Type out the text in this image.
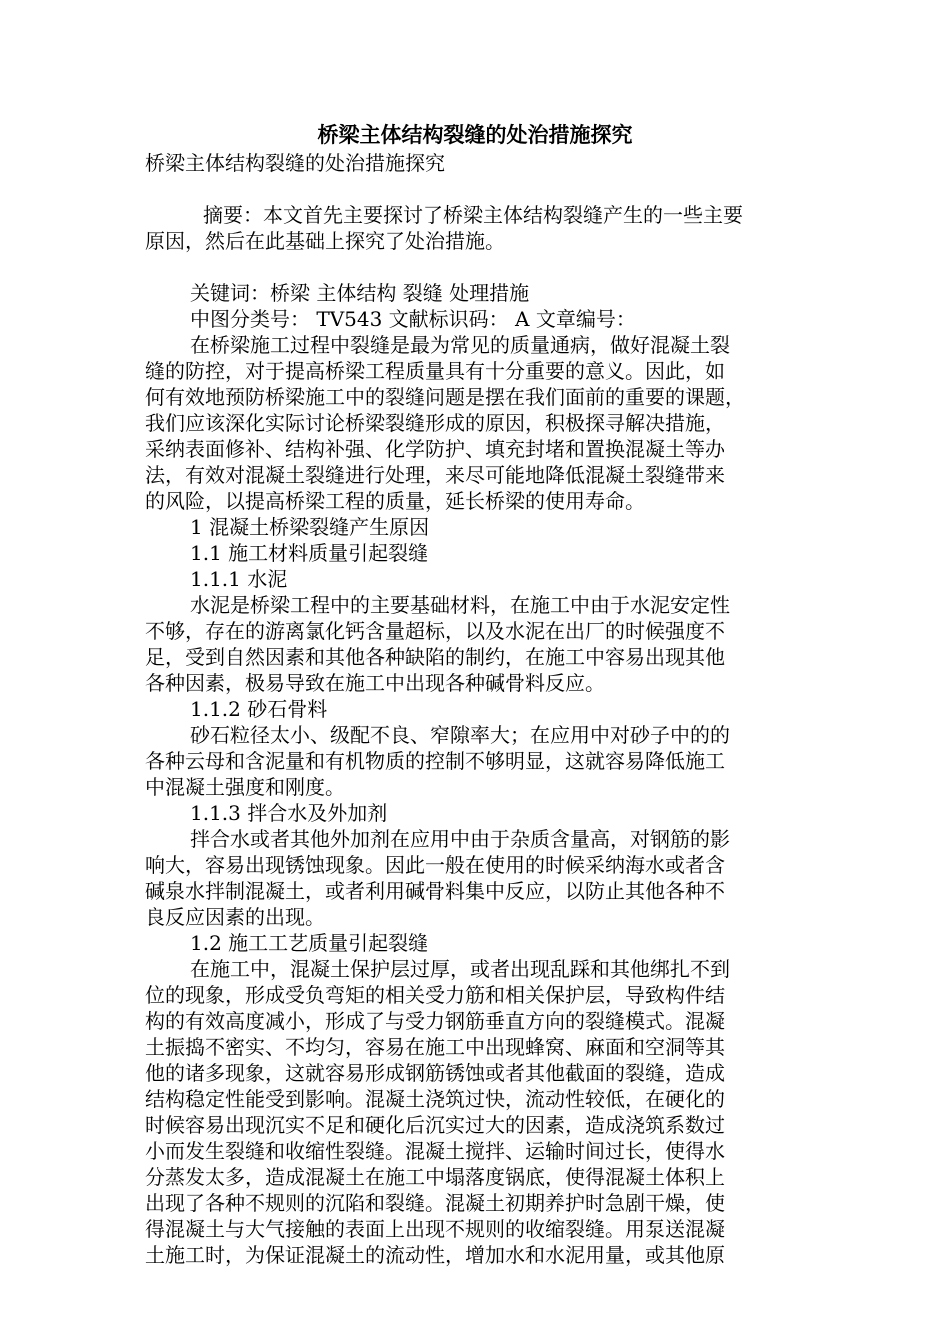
桥梁主体结构裂缝的处治措施探究
桥梁主体结构裂缝的处治措施探究
摘要：本文首先主要探讨了桥梁主体结构裂缝产生的一些主要
原因，然后在此基础上探究了处治措施。
关键词：桥梁 主体结构 裂缝 处理措施
中图分类号： TV543 文献标识码： A 文章编号：
在桥梁施工过程中裂缝是最为常见的质量通病，做好混凝土裂
缝的防控，对于提高桥梁工程质量具有十分重要的意义。因此，如
何有效地预防桥梁施工中的裂缝问题是摆在我们面前的重要的课题，
我们应该深化实际讨论桥梁裂缝形成的原因，积极探寻解决措施，
采纳表面修补、结构补强、化学防护、填充封堵和置换混凝土等办
法，有效对混凝土裂缝进行处理，来尽可能地降低混凝土裂缝带来
的风险，以提高桥梁工程的质量，延长桥梁的使用寿命。
1 混凝土桥梁裂缝产生原因
1.1 施工材料质量引起裂缝
1.1.1 水泥
水泥是桥梁工程中的主要基础材料，在施工中由于水泥安定性
不够，存在的游离氯化钙含量超标，以及水泥在出厂的时候强度不
足，受到自然因素和其他各种缺陷的制约，在施工中容易出现其他
各种因素，极易导致在施工中出现各种碱骨料反应。
1.1.2 砂石骨料
砂石粒径太小、级配不良、窄隙率大；在应用中对砂子中的的
各种云母和含泥量和有机物质的控制不够明显，这就容易降低施工
中混凝土强度和刚度。
1.1.3 拌合水及外加剂
拌合水或者其他外加剂在应用中由于杂质含量高，对钢筋的影
响大，容易出现锈蚀现象。因此一般在使用的时候采纳海水或者含
碱泉水拌制混凝土，或者利用碱骨料集中反应，以防止其他各种不
良反应因素的出现。
1.2 施工工艺质量引起裂缝
在施工中，混凝土保护层过厚，或者出现乱踩和其他绑扎不到
位的现象，形成受负弯矩的相关受力筋和相关保护层，导致构件结
构的有效高度减小，形成了与受力钢筋垂直方向的裂缝模式。混凝
土振捣不密实、不均匀，容易在施工中出现蜂窝、麻面和空洞等其
他的诸多现象，这就容易形成钢筋锈蚀或者其他截面的裂缝，造成
结构稳定性能受到影响。混凝土浇筑过快，流动性较低，在硬化的
时候容易出现沉实不足和硬化后沉实过大的因素，造成浇筑系数过
小而发生裂缝和收缩性裂缝。混凝土搅拌、运输时间过长，使得水
分蒸发太多，造成混凝土在施工中塌落度锅底，使得混凝土体积上
出现了各种不规则的沉陷和裂缝。混凝土初期养护时急剧干燥，使
得混凝土与大气接触的表面上出现不规则的收缩裂缝。用泵送混凝
土施工时，为保证混凝土的流动性，增加水和水泥用量，或其他原
